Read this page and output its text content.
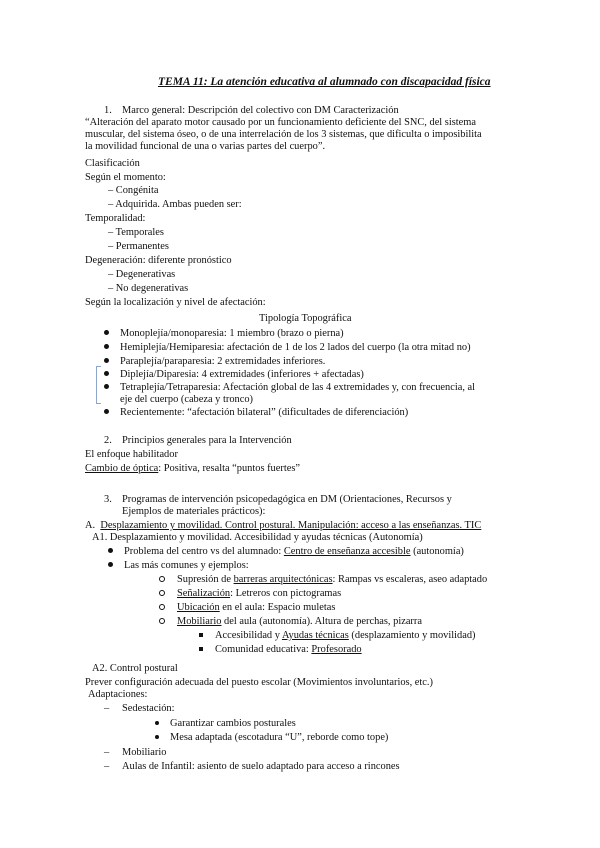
TEMA 11: La atención educativa al alumnado con discapacidad física
1. Marco general: Descripción del colectivo con DM Caracterización
“Alteración del aparato motor causado por un funcionamiento deficiente del SNC, del sistema
muscular, del sistema óseo, o de una interrelación de los 3 sistemas, que dificulta o imposibilita
la movilidad funcional de una o varias partes del cuerpo”.
Clasificación
Según el momento:
‒ Congénita
‒ Adquirida. Ambas pueden ser:
Temporalidad:
‒ Temporales
‒ Permanentes
Degeneración: diferente pronóstico
‒ Degenerativas
‒ No degenerativas
Según la localización y nivel de afectación:
Tipología Topográfica
Monoplejía/monoparesia: 1 miembro (brazo o pierna)
Hemiplejía/Hemiparesia: afectación de 1 de los 2 lados del cuerpo (la otra mitad no)
Paraplejía/paraparesia: 2 extremidades inferiores.
Diplejía/Diparesia: 4 extremidades (inferiores + afectadas)
Tetraplejía/Tetraparesia: Afectación global de las 4 extremidades y, con frecuencia, al
eje del cuerpo (cabeza y tronco)
Recientemente: “afectación bilateral” (dificultades de diferenciación)
2. Principios generales para la Intervención
El enfoque habilitador
Cambio de óptica: Positiva, resalta “puntos fuertes”
3. Programas de intervención psicopedagógica en DM (Orientaciones, Recursos y
Ejemplos de materiales prácticos):
A. Desplazamiento y movilidad. Control postural. Manipulación: acceso a las enseñanzas. TIC
A1. Desplazamiento y movilidad. Accesibilidad y ayudas técnicas (Autonomía)
Problema del centro vs del alumnado: Centro de enseñanza accesible (autonomía)
Las más comunes y ejemplos:
Supresión de barreras arquitectónicas: Rampas vs escaleras, aseo adaptado
Señalización: Letreros con pictogramas
Ubicación en el aula: Espacio muletas
Mobiliario del aula (autonomía). Altura de perchas, pizarra
Accesibilidad y Ayudas técnicas (desplazamiento y movilidad)
Comunidad educativa: Profesorado
A2. Control postural
Prever configuración adecuada del puesto escolar (Movimientos involuntarios, etc.)
Adaptaciones:
– Sedestación:
Garantizar cambios posturales
Mesa adaptada (escotadura “U”, reborde como tope)
– Mobiliario
– Aulas de Infantil: asiento de suelo adaptado para acceso a rincones
